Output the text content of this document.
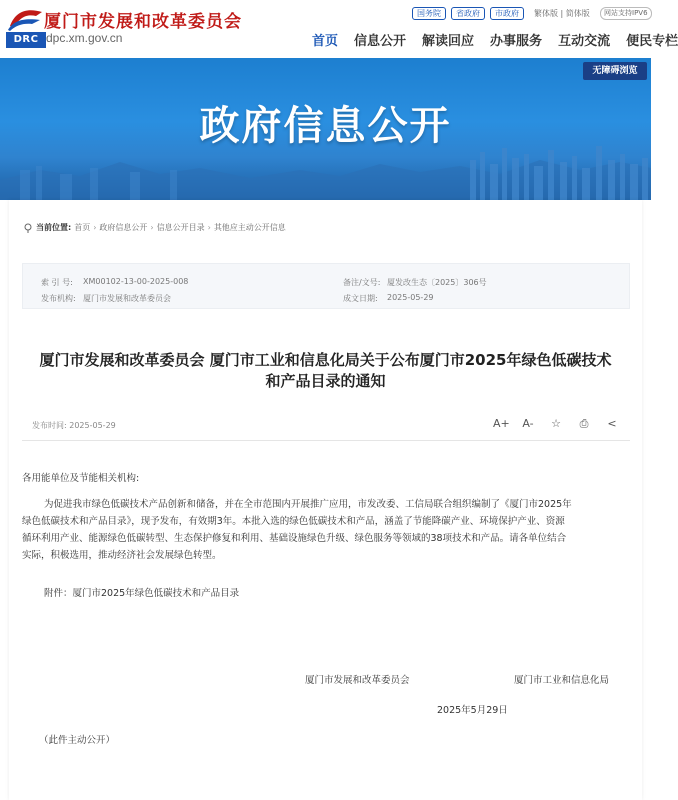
DRC
厦门市发展和改革委员会
dpc.xm.gov.cn
国务院	省政府	市政府	繁体版 | 简体版	网站支持IPV6
首页 信息公开 解读回应 办事服务 互动交流 便民专栏
政府信息公开
无障碍浏览
当前位置: 首页 › 政府信息公开 › 信息公开目录 › 其他应主动公开信息
索 引 号: XM00102-13-00-2025-008	备注/文号: 厦发改生态〔2025〕306号
发布机构: 厦门市发展和改革委员会	成文日期: 2025-05-29
厦门市发展和改革委员会 厦门市工业和信息化局关于公布厦门市2025年绿色低碳技术
和产品目录的通知
发布时间: 2025-05-29	A+ A- ☆ ⎙ <
各用能单位及节能相关机构:
为促进我市绿色低碳技术产品创新和储备，并在全市范围内开展推广应用，市发改委、工信局联合组织编制了《厦门市2025年
绿色低碳技术和产品目录》，现予发布，有效期3年。本批入选的绿色低碳技术和产品，涵盖了节能降碳产业、环境保护产业、资源
循环利用产业、能源绿色低碳转型、生态保护修复和利用、基础设施绿色升级、绿色服务等领域的38项技术和产品。请各单位结合
实际，积极选用，推动经济社会发展绿色转型。
附件：厦门市2025年绿色低碳技术和产品目录
厦门市发展和改革委员会	厦门市工业和信息化局
2025年5月29日
（此件主动公开）
